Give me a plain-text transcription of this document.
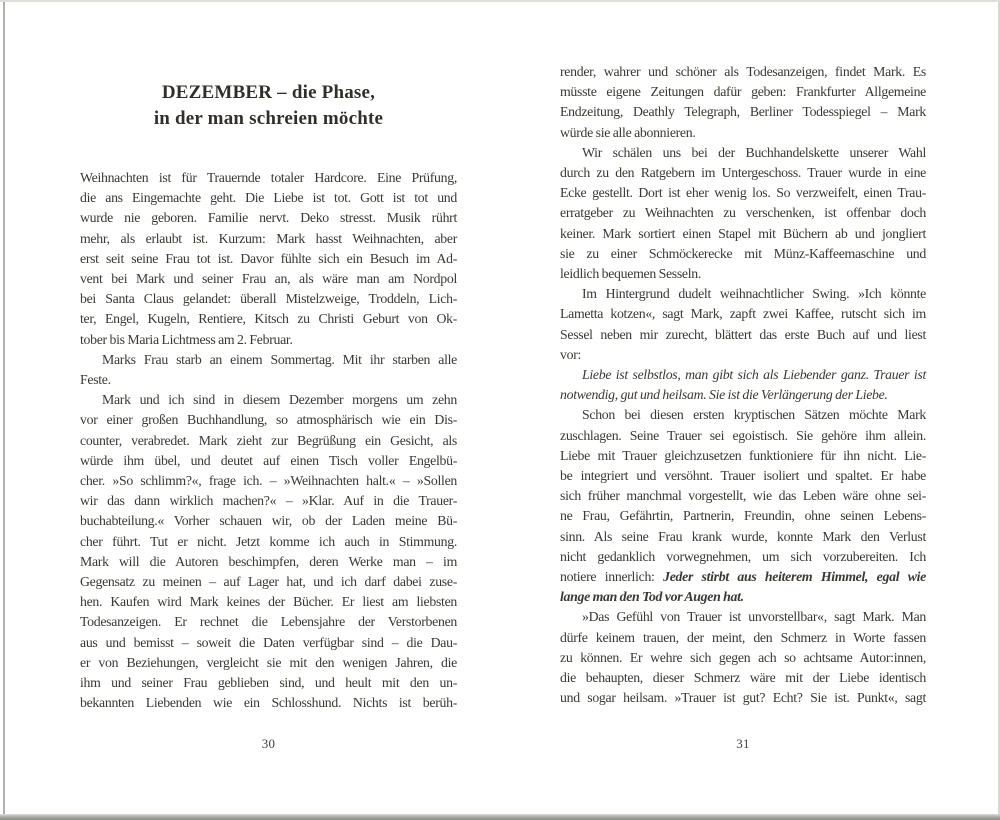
DEZEMBER – die Phase,
in der man schreien möchte
Weihnachten ist für Trauernde totaler Hardcore. Eine Prüfung,
die ans Eingemachte geht. Die Liebe ist tot. Gott ist tot und
wurde nie geboren. Familie nervt. Deko stresst. Musik rührt
mehr, als erlaubt ist. Kurzum: Mark hasst Weihnachten, aber
erst seit seine Frau tot ist. Davor fühlte sich ein Besuch im Ad-
vent bei Mark und seiner Frau an, als wäre man am Nordpol
bei Santa Claus gelandet: überall Mistelzweige, Troddeln, Lich-
ter, Engel, Kugeln, Rentiere, Kitsch zu Christi Geburt von Ok-
tober bis Maria Lichtmess am 2. Februar.
Marks Frau starb an einem Sommertag. Mit ihr starben alle
Feste.
Mark und ich sind in diesem Dezember morgens um zehn
vor einer großen Buchhandlung, so atmosphärisch wie ein Dis-
counter, verabredet. Mark zieht zur Begrüßung ein Gesicht, als
würde ihm übel, und deutet auf einen Tisch voller Engelbü-
cher. »So schlimm?«, frage ich. – »Weihnachten halt.« – »Sollen
wir das dann wirklich machen?« – »Klar. Auf in die Trauer-
buchabteilung.« Vorher schauen wir, ob der Laden meine Bü-
cher führt. Tut er nicht. Jetzt komme ich auch in Stimmung.
Mark will die Autoren beschimpfen, deren Werke man – im
Gegensatz zu meinen – auf Lager hat, und ich darf dabei zuse-
hen. Kaufen wird Mark keines der Bücher. Er liest am liebsten
Todesanzeigen. Er rechnet die Lebensjahre der Verstorbenen
aus und bemisst – soweit die Daten verfügbar sind – die Dau-
er von Beziehungen, vergleicht sie mit den wenigen Jahren, die
ihm und seiner Frau geblieben sind, und heult mit den un-
bekannten Liebenden wie ein Schlosshund. Nichts ist berüh-
render, wahrer und schöner als Todesanzeigen, findet Mark. Es
müsste eigene Zeitungen dafür geben: Frankfurter Allgemeine
Endzeitung, Deathly Telegraph, Berliner Todesspiegel – Mark
würde sie alle abonnieren.
Wir schälen uns bei der Buchhandelskette unserer Wahl
durch zu den Ratgebern im Untergeschoss. Trauer wurde in eine
Ecke gestellt. Dort ist eher wenig los. So verzweifelt, einen Trau-
erratgeber zu Weihnachten zu verschenken, ist offenbar doch
keiner. Mark sortiert einen Stapel mit Büchern ab und jongliert
sie zu einer Schmöckerecke mit Münz-Kaffeemaschine und
leidlich bequemen Sesseln.
Im Hintergrund dudelt weihnachtlicher Swing. »Ich könnte
Lametta kotzen«, sagt Mark, zapft zwei Kaffee, rutscht sich im
Sessel neben mir zurecht, blättert das erste Buch auf und liest
vor:
Liebe ist selbstlos, man gibt sich als Liebender ganz. Trauer ist
notwendig, gut und heilsam. Sie ist die Verlängerung der Liebe.
Schon bei diesen ersten kryptischen Sätzen möchte Mark
zuschlagen. Seine Trauer sei egoistisch. Sie gehöre ihm allein.
Liebe mit Trauer gleichzusetzen funktioniere für ihn nicht. Lie-
be integriert und versöhnt. Trauer isoliert und spaltet. Er habe
sich früher manchmal vorgestellt, wie das Leben wäre ohne sei-
ne Frau, Gefährtin, Partnerin, Freundin, ohne seinen Lebens-
sinn. Als seine Frau krank wurde, konnte Mark den Verlust
nicht gedanklich vorwegnehmen, um sich vorzubereiten. Ich
notiere innerlich: Jeder stirbt aus heiterem Himmel, egal wie
lange man den Tod vor Augen hat.
»Das Gefühl von Trauer ist unvorstellbar«, sagt Mark. Man
dürfe keinem trauen, der meint, den Schmerz in Worte fassen
zu können. Er wehre sich gegen ach so achtsame Autor:innen,
die behaupten, dieser Schmerz wäre mit der Liebe identisch
und sogar heilsam. »Trauer ist gut? Echt? Sie ist. Punkt«, sagt
30	31
